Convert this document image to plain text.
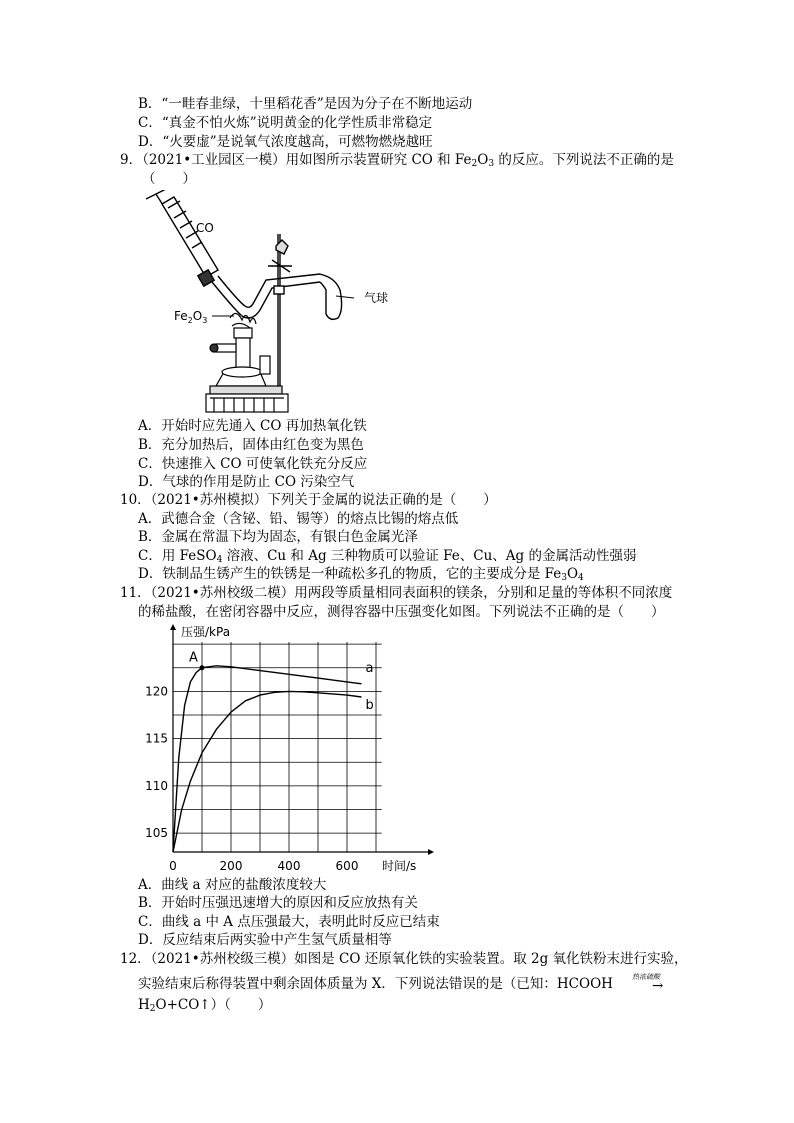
B．“一畦春韭绿，十里稻花香”是因为分子在不断地运动
C．“真金不怕火炼”说明黄金的化学性质非常稳定
D．“火要虚”是说氧气浓度越高，可燃物燃烧越旺
9．（2021•工业园区一模）用如图所示装置研究 CO 和 $Fe_2O_3$ 的反应。下列说法不正确的是
（　　）
CO
气球
$Fe_2O_3$
A．开始时应先通入 CO 再加热氧化铁
B．充分加热后，固体由红色变为黑色
C．快速推入 CO 可使氧化铁充分反应
D．气球的作用是防止 CO 污染空气
10．（2021•苏州模拟）下列关于金属的说法正确的是（　　）
A．武德合金（含铋、铅、锡等）的熔点比锡的熔点低
B．金属在常温下均为固态，有银白色金属光泽
C．用 FeSO$_4$ 溶液、Cu 和 Ag 三种物质可以验证 Fe、Cu、Ag 的金属活动性强弱
D．铁制品生锈产生的铁锈是一种疏松多孔的物质，它的主要成分是 $Fe_3O_4$
11．（2021•苏州校级二模）用两段等质量相同表面积的镁条，分别和足量的等体积不同浓度
的稀盐酸，在密闭容器中反应，测得容器中压强变化如图。下列说法不正确的是（　　）
0	200	400	600
105
110
115
120
a
b
A
压强/kPa
时间/s
A．曲线 a 对应的盐酸浓度较大
B．开始时压强迅速增大的原因和反应放热有关
C．曲线 a 中 A 点压强最大，表明此时反应已结束
D．反应结束后两实验中产生氢气质量相等
12．（2021•苏州校级三模）如图是 CO 还原氧化铁的实验装置。取 2g 氧化铁粉末进行实验，
实验结束后称得装置中剩余固体质量为 X．下列说法错误的是（已知：HCOOH	热浓硫酸
→
$H_2O+CO↑$）（　　）
